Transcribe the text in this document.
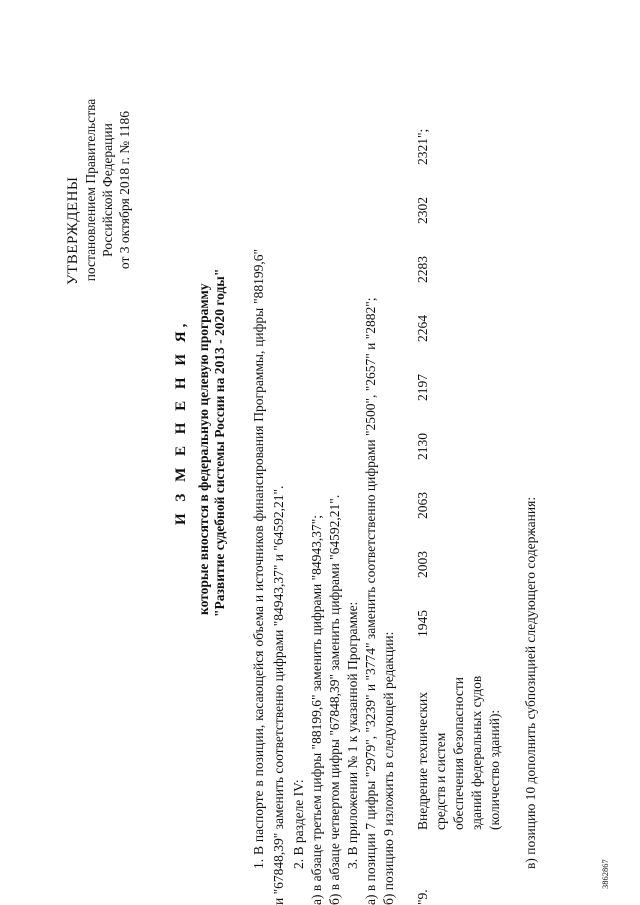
УТВЕРЖДЕНЫ постановлением Правительства Российской Федерации от 3 октября 2018 г. № 1186
И З М Е Н Е Н И Я, которые вносятся в федеральную целевую программу "Развитие судебной системы России на 2013 - 2020 годы" 1. В паспорте в позиции, касающейся объема и источников финансирования Программы, цифры "88199,6" и "67848,39" заменить соответственно цифрами "84943,37" и "64592,21". 2. В разделе IV: а) в абзаце третьем цифры "88199,6" заменить цифрами "84943,37"; б) в абзаце четвертом цифры "67848,39" заменить цифрами "64592,21". 3. В приложении № 1 к указанной Программе: а) в позиции 7 цифры "2979", "3239" и "3774" заменить соответственно цифрами "2500", "2657" и "2882"; б) позицию 9 изложить в следующей редакции: "9.
Внедрение технических средств и систем обеспечения безопасности зданий федеральных судов (количество зданий):
1945
2003
2063
2130
2197
2264
2283
2302
2321";
в) позицию 10 дополнить субпозицией следующего содержания:
3862867
